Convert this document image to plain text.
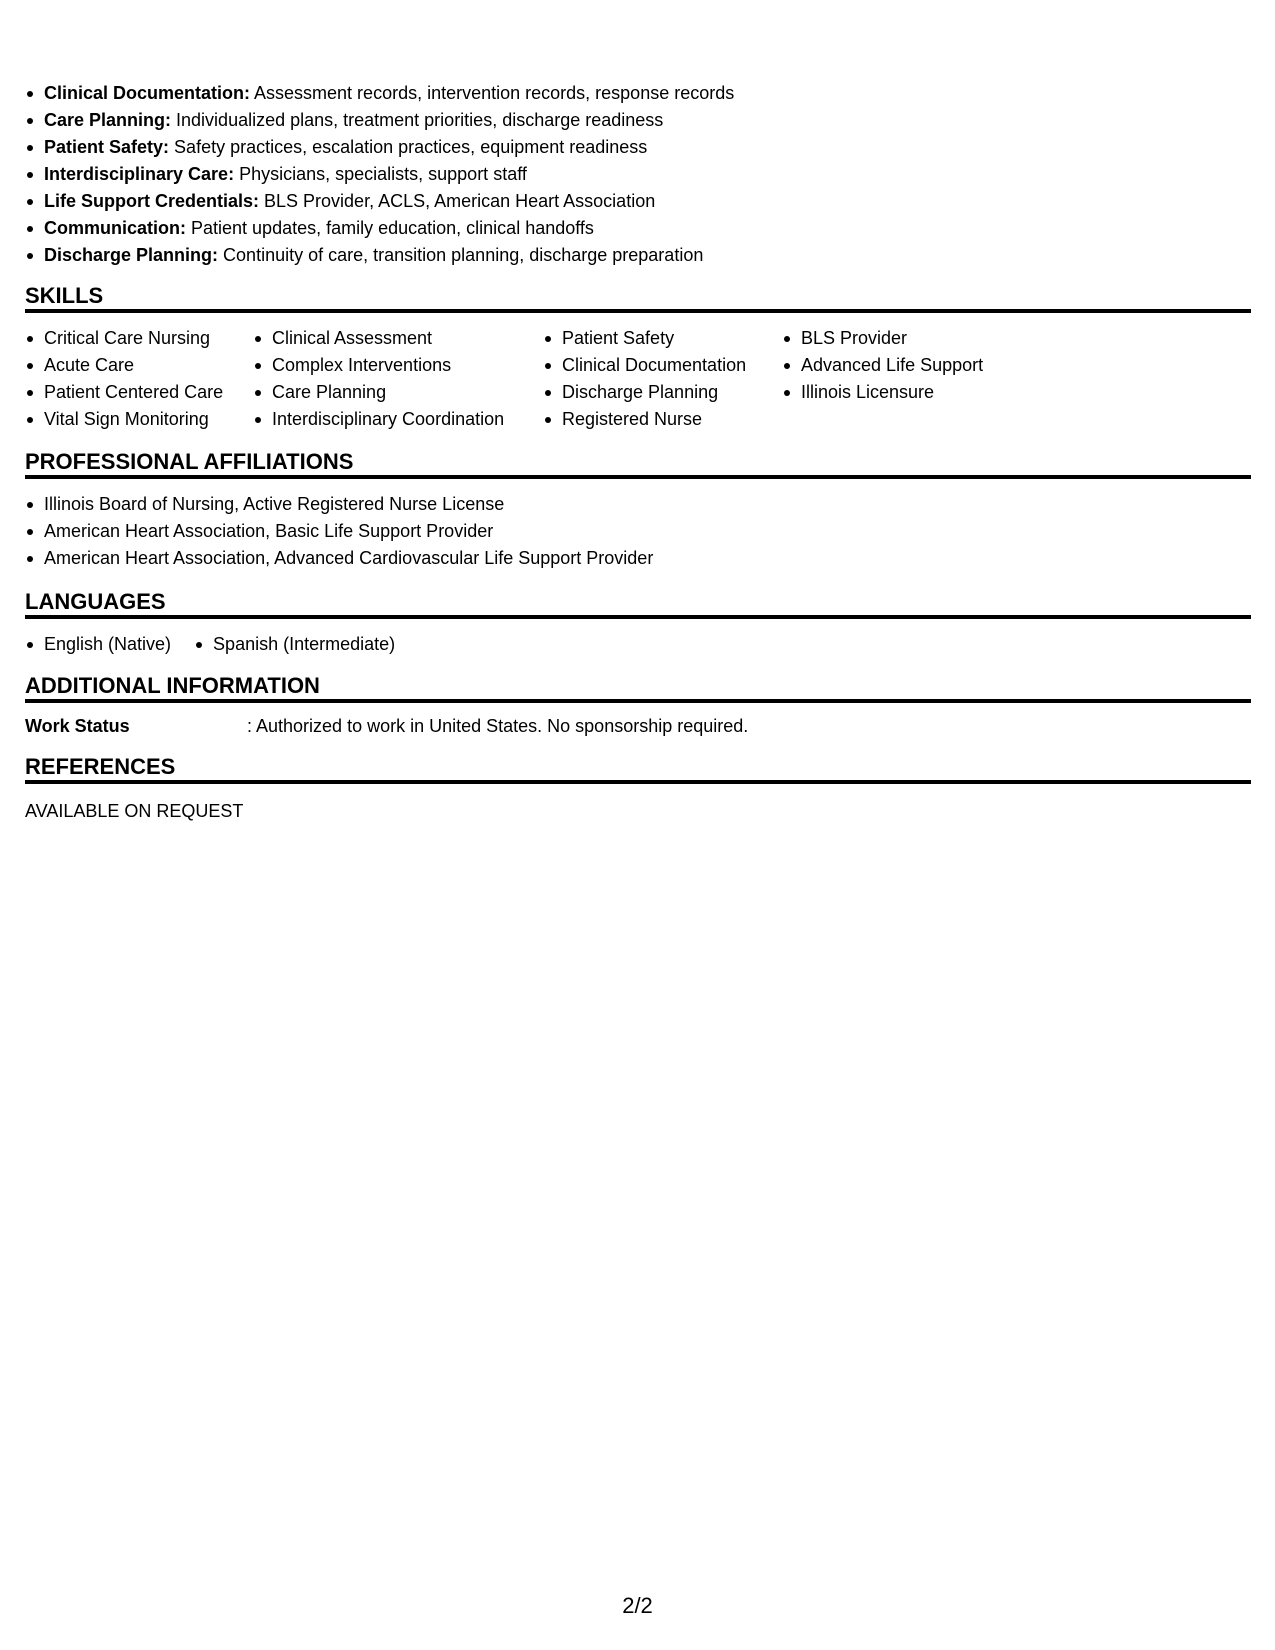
Clinical Documentation: Assessment records, intervention records, response records
Care Planning: Individualized plans, treatment priorities, discharge readiness
Patient Safety: Safety practices, escalation practices, equipment readiness
Interdisciplinary Care: Physicians, specialists, support staff
Life Support Credentials: BLS Provider, ACLS, American Heart Association
Communication: Patient updates, family education, clinical handoffs
Discharge Planning: Continuity of care, transition planning, discharge preparation
SKILLS
Critical Care Nursing
Acute Care
Patient Centered Care
Vital Sign Monitoring
Clinical Assessment
Complex Interventions
Care Planning
Interdisciplinary Coordination
Patient Safety
Clinical Documentation
Discharge Planning
Registered Nurse
BLS Provider
Advanced Life Support
Illinois Licensure
PROFESSIONAL AFFILIATIONS
Illinois Board of Nursing, Active Registered Nurse License
American Heart Association, Basic Life Support Provider
American Heart Association, Advanced Cardiovascular Life Support Provider
LANGUAGES
English (Native)	Spanish (Intermediate)
ADDITIONAL INFORMATION
Work Status	: Authorized to work in United States. No sponsorship required.
REFERENCES
AVAILABLE ON REQUEST
2/2
